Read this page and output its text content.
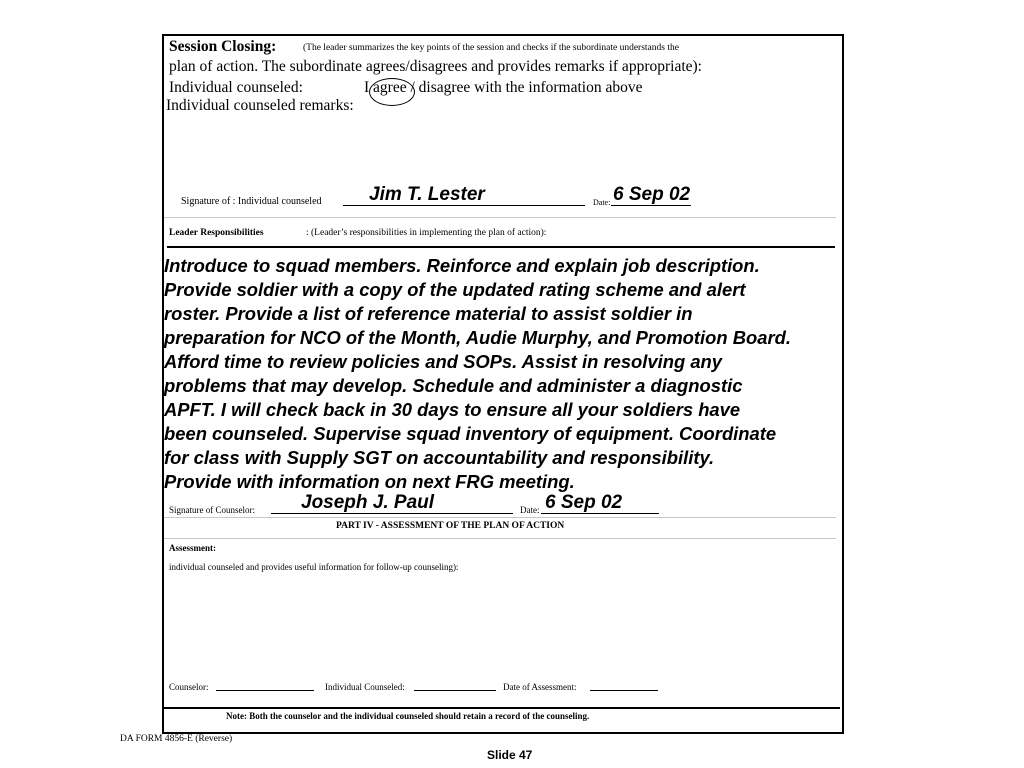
Session Closing:	(The leader summarizes the key points of the session and checks if the subordinate understands the
plan of action. The subordinate agrees/disagrees and provides remarks if appropriate):
Individual counseled:	I agree / disagree with the information above
Individual counseled remarks:
Signature of : Individual counseled Jim T. Lester	Date: 6 Sep 02
Leader Responsibilities	: (Leader’s responsibilities in implementing the plan of action):
Introduce to squad members. Reinforce and explain job description.
Provide soldier with a copy of the updated rating scheme and alert
roster. Provide a list of reference material to assist soldier in
preparation for NCO of the Month, Audie Murphy, and Promotion Board.
Afford time to review policies and SOPs. Assist in resolving any
problems that may develop. Schedule and administer a diagnostic
APFT. I will check back in 30 days to ensure all your soldiers have
been counseled. Supervise squad inventory of equipment. Coordinate
for class with Supply SGT on accountability and responsibility.
Provide with information on next FRG meeting.
Signature of Counselor: Joseph J. Paul	Date: 6 Sep 02
PART IV - ASSESSMENT OF THE PLAN OF ACTION
Assessment:
individual counseled and provides useful information for follow-up counseling):
Counselor:	Individual Counseled:	Date of Assessment:
Note: Both the counselor and the individual counseled should retain a record of the counseling.
DA FORM 4856-E (Reverse)
Slide 47
